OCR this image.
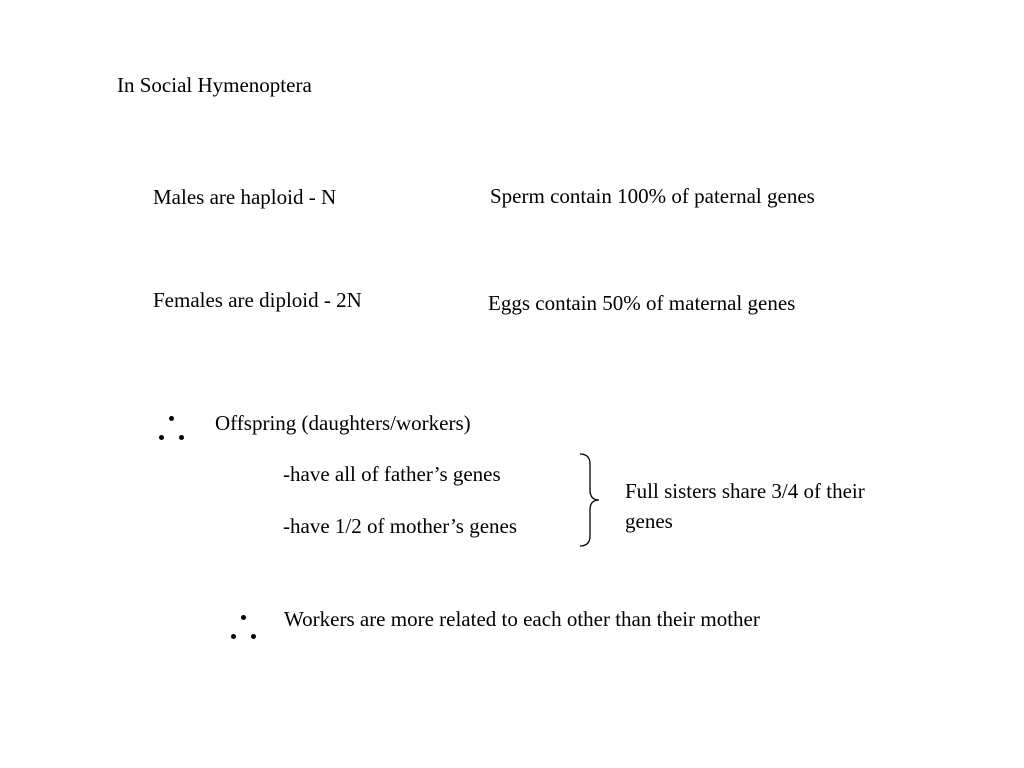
In Social Hymenoptera
Males are haploid - N	Sperm contain 100% of paternal genes
Females are diploid - 2N	Eggs contain 50% of maternal genes
Offspring (daughters/workers)
-have all of father’s genes
-have 1/2 of mother’s genes
Full sisters share 3/4 of their genes
Workers are more related to each other than their mother
